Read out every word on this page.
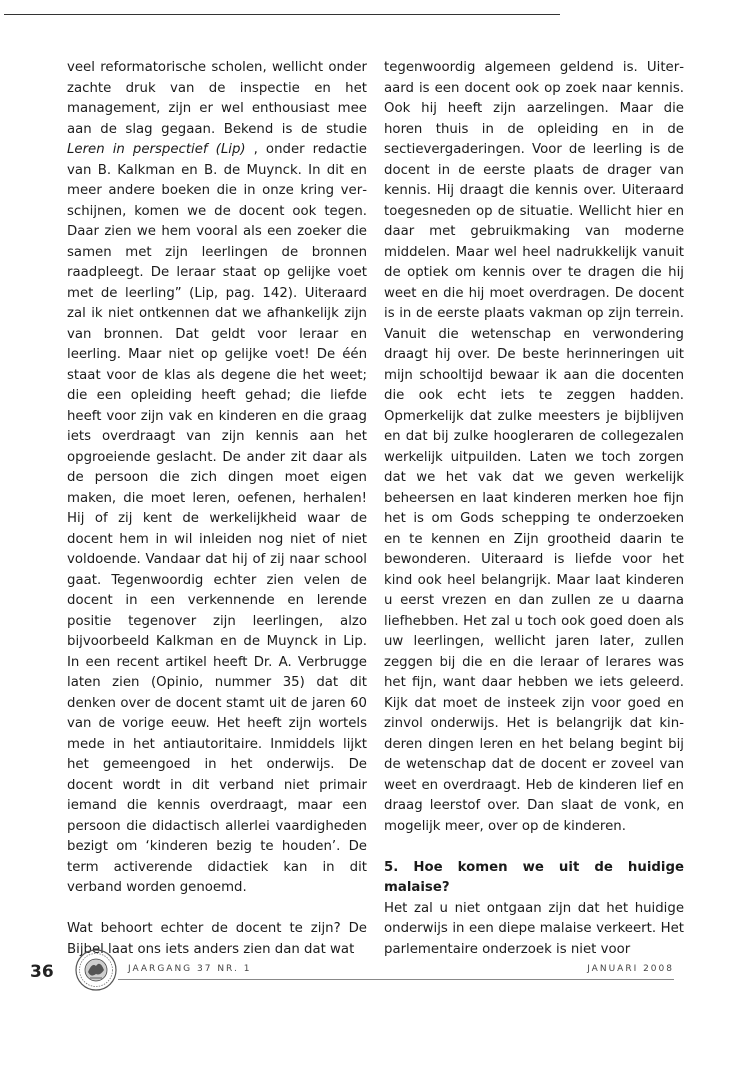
veel reformatorische scholen, wellicht onder zachte druk van de inspectie en het management, zijn er wel enthousiast mee aan de slag gegaan. Bekend is de studie Leren in perspectief (Lip) , onder redactie van B. Kalkman en B. de Muynck. In dit en meer andere boeken die in onze kring verschijnen, komen we de docent ook tegen. Daar zien we hem vooral als een zoeker die samen met zijn leerlingen de bronnen raadpleegt. De leraar staat op gelijke voet met de leerling” (Lip, pag. 142). Uiteraard zal ik niet ontkennen dat we afhankelijk zijn van bronnen. Dat geldt voor leraar en leerling. Maar niet op gelijke voet! De één staat voor de klas als degene die het weet; die een opleiding heeft gehad; die liefde heeft voor zijn vak en kinderen en die graag iets overdraagt van zijn kennis aan het opgroeiende geslacht. De ander zit daar als de persoon die zich dingen moet eigen maken, die moet leren, oefenen, herhalen! Hij of zij kent de werkelijkheid waar de docent hem in wil inleiden nog niet of niet voldoende. Vandaar dat hij of zij naar school gaat. Tegenwoordig echter zien velen de docent in een verkennende en lerende positie tegenover zijn leerlingen, alzo bijvoorbeeld Kalkman en de Muynck in Lip. In een recent artikel heeft Dr. A. Verbrugge laten zien (Opinio, nummer 35) dat dit denken over de docent stamt uit de jaren 60 van de vorige eeuw. Het heeft zijn wortels mede in het antiautoritaire. Inmiddels lijkt het gemeengoed in het onderwijs. De docent wordt in dit verband niet primair iemand die kennis overdraagt, maar een persoon die didactisch allerlei vaardigheden bezigt om ‘kinderen bezig te houden’. De term activerende didactiek kan in dit verband worden genoemd.

Wat behoort echter de docent te zijn? De Bijbel laat ons iets anders zien dan dat wat

tegenwoordig algemeen geldend is. Uiteraard is een docent ook op zoek naar kennis. Ook hij heeft zijn aarzelingen. Maar die horen thuis in de opleiding en in de sectievergaderingen. Voor de leerling is de docent in de eerste plaats de drager van kennis. Hij draagt die kennis over. Uiteraard toegesneden op de situatie. Wellicht hier en daar met gebruikmaking van moderne middelen. Maar wel heel nadrukkelijk vanuit de optiek om kennis over te dragen die hij weet en die hij moet overdragen. De docent is in de eerste plaats vakman op zijn terrein. Vanuit die wetenschap en verwondering draagt hij over. De beste herinneringen uit mijn schooltijd bewaar ik aan die docenten die ook echt iets te zeggen hadden. Opmerkelijk dat zulke meesters je bijblijven en dat bij zulke hoogleraren de collegezalen werkelijk uitpuilden. Laten we toch zorgen dat we het vak dat we geven werkelijk beheersen en laat kinderen merken hoe fijn het is om Gods schepping te onderzoeken en te kennen en Zijn grootheid daarin te bewonderen. Uiteraard is liefde voor het kind ook heel belangrijk. Maar laat kinderen u eerst vrezen en dan zullen ze u daarna liefhebben. Het zal u toch ook goed doen als uw leerlingen, wellicht jaren later, zullen zeggen bij die en die leraar of lerares was het fijn, want daar hebben we iets geleerd. Kijk dat moet de insteek zijn voor goed en zinvol onderwijs. Het is belangrijk dat kinderen dingen leren en het belang begint bij de wetenschap dat de docent er zoveel van weet en overdraagt. Heb de kinderen lief en draag leerstof over. Dan slaat de vonk, en mogelijk meer, over op de kinderen.

5. Hoe komen we uit de huidige malaise?

Het zal u niet ontgaan zijn dat het huidige onderwijs in een diepe malaise verkeert. Het parlementaire onderzoek is niet voor

36	JAARGANG 37 NR. 1	JANUARI 2008
